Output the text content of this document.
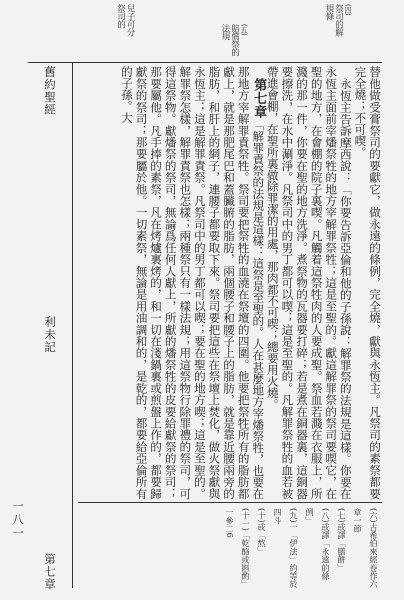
(四)
祭司的解
規條
(五)
賠償祭的
法規
兒子可分
祭司的

替他做受膏祭司的要獻它，做永遠的條例，完全燒，獻與永恆主。凡祭司的素祭都要完全燒；不可喫。

永恆主告訴摩西說：「你要告訴亞倫和他的子孫說：解罪祭的法規是這樣。你要在永恆主面前宰燔祭牲的地方宰解罪祭牲；這是至聖的。獻這解罪祭的祭司要喫它，在聖的地方，在會棚的院子裏喫。凡觸着這祭牲肉的人要成聖。祭血若濺在衣服上，所濺的那一件，你要在聖的地方洗淨。煮祭物的瓦器要打碎；若是煮在銅器裏，這銅器要擦洗，在水中涮淨。凡祭司中的男丁都可以喫；這是至聖的。凡解罪祭牲的血若被帶進會棚，在聖所裏做除罪潔的用處，那肉都不可喫；總要用火燒。

第七章「解罪責祭的法規是這樣：這祭是至聖的。人在甚麼地方宰燔祭牲，也要在那地方宰解罪責祭牲。祭司要把祭牲的血澆在祭壇的四圍。他要把祭牲所有的脂肪都獻上，就是那肥尾巴和蓋臟腑的脂肪，兩個腰子和腰子上的脂肪，就是靠近腰兩旁的脂肪，和肝上的網子，連腰子都要取下來。祭司要把這些在祭壇上焚化，做火祭獻與永恆主；這是解罪責祭。凡祭司中的男丁都可以喫；要在聖的地方喫；這是至聖的。解罪祭怎樣，解罪責祭也怎樣；兩種祭只有一樣法規；用這祭物行除罪禮的祭司，可得這祭物。獻燔祭的祭司，無論爲任何人獻上，所獻的燔祭牲的皮要給獻祭的祭司；那要屬他。凡手捧的素祭，凡在烤爐裏烤的，和一切在淺鍋裏或煎盤上作的，都要歸獻祭的祭司；那要屬於他。一切素祭，無論是用油調和的，是乾的，都要給亞倫所有的子孫。大

(六)古希伯來經卷作六章一節
(七)或譯「膳餅」
(八)或譯「永遠的條例」
(九)一「伊法」約等於四斗
(十)或「熬」
(十一)「乾酪或斟酌」一參二6
舊約聖經
利未記
第七章
一八一
